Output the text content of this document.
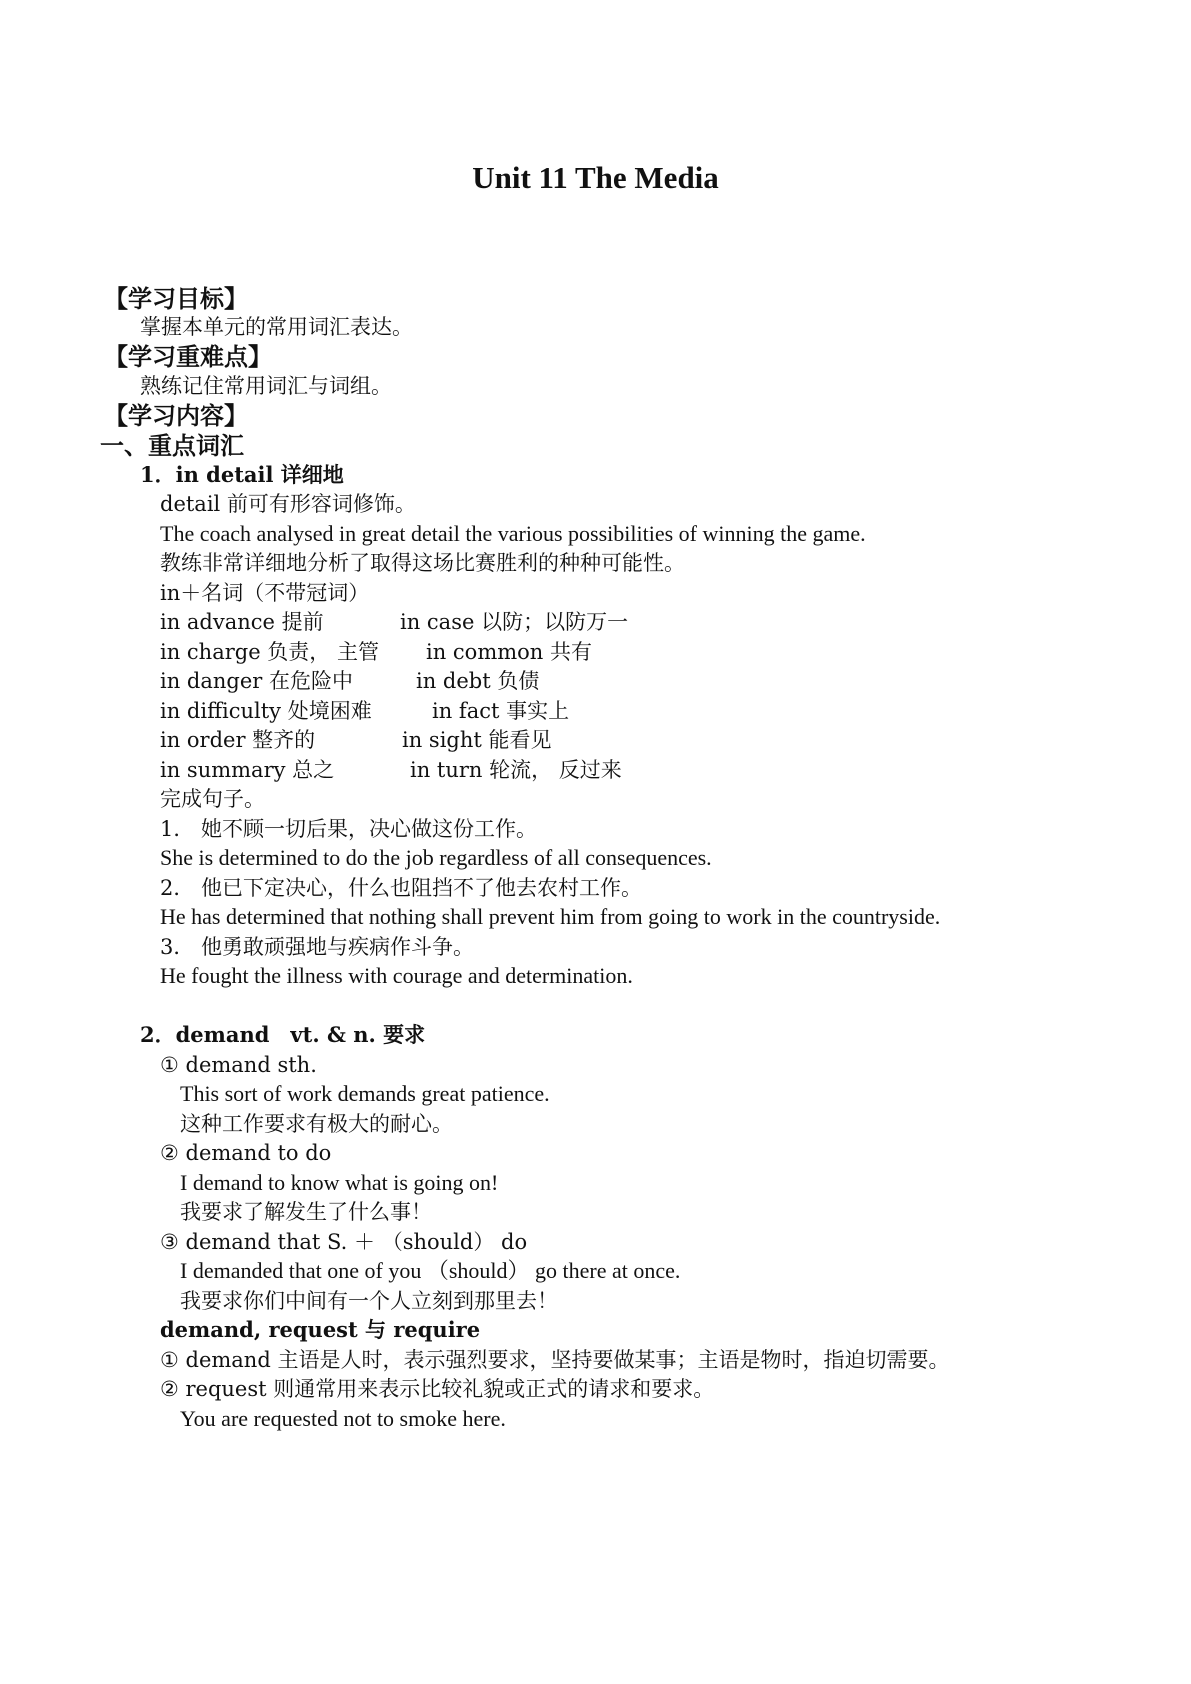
Unit 11 The Media
【学习目标】
掌握本单元的常用词汇表达。
【学习重难点】
熟练记住常用词汇与词组。
【学习内容】
一、重点词汇
1．in detail 详细地
detail 前可有形容词修饰。
The coach analysed in great detail the various possibilities of winning the game.
教练非常详细地分析了取得这场比赛胜利的种种可能性。
in＋名词（不带冠词）
in advance 提前	in case 以防；以防万一
in charge 负责， 主管 in common 共有
in danger 在危险中	in debt 负债
in difficulty 处境困难	in fact 事实上
in order 整齐的	in sight 能看见
in summary 总之	in turn 轮流， 反过来
完成句子。
1． 她不顾一切后果，决心做这份工作。
She is determined to do the job regardless of all consequences.
2． 他已下定决心，什么也阻挡不了他去农村工作。
He has determined that nothing shall prevent him from going to work in the countryside.
3． 他勇敢顽强地与疾病作斗争。
He fought the illness with courage and determination.
2．demand　vt. & n. 要求
① demand sth.
This sort of work demands great patience.
这种工作要求有极大的耐心。
② demand to do
I demand to know what is going on!
我要求了解发生了什么事！
③ demand that S. ＋ （should） do
I demanded that one of you （should） go there at once.
我要求你们中间有一个人立刻到那里去！
demand, request 与 require
① demand 主语是人时，表示强烈要求，坚持要做某事；主语是物时，指迫切需要。
② request 则通常用来表示比较礼貌或正式的请求和要求。
You are requested not to smoke here.
